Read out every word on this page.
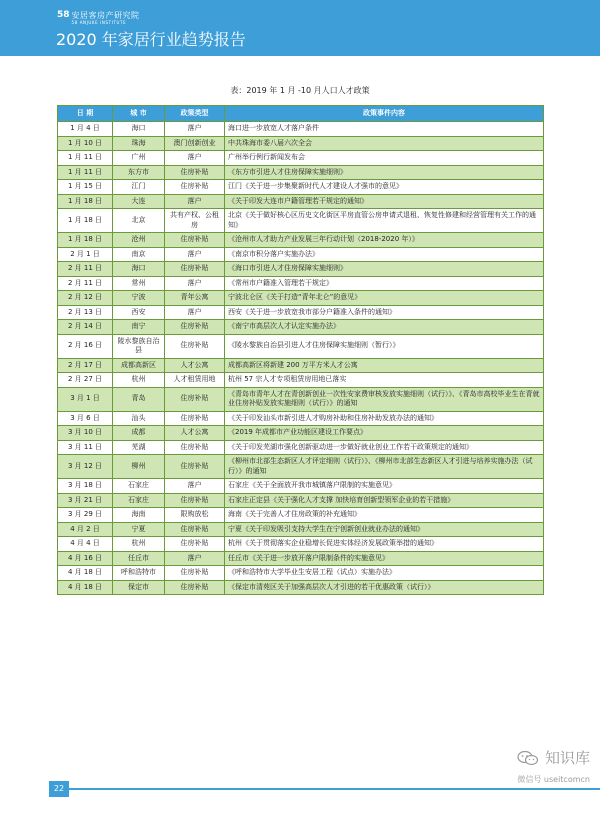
58 安居客房产研究院
58 ANJUKE INSTITUTE
2020 年家居行业趋势报告
表：2019 年 1 月 -10 月人口人才政策
日 期	城 市	政策类型	政策事件内容
1 月 4 日	海口	落户	海口进一步放宽人才落户条件
1 月 10 日	珠海	澳门创新创业	中共珠海市委八届六次全会
1 月 11 日	广州	落户	广州举行例行新闻发布会
1 月 11 日	东方市	住房补贴	《东方市引进人才住房保障实施细则》
1 月 15 日	江门	住房补贴	江门《关于进一步集聚新时代人才建设人才强市的意见》
1 月 18 日	大连	落户	《关于印发大连市户籍管理若干规定的通知》
1 月 18 日	北京	共有产权、公租房	北京《关于做好核心区历史文化街区平房直管公房申请式退租、恢复性修建和经营管理有关工作的通知》
1 月 18 日	沧州	住房补贴	《沧州市人才助力产业发展三年行动计划（2018-2020 年）》
2 月 1 日	南京	落户	《南京市积分落户实施办法》
2 月 11 日	海口	住房补贴	《海口市引进人才住房保障实施细则》
2 月 11 日	常州	落户	《常州市户籍准入管理若干规定》
2 月 12 日	宁波	青年公寓	宁波北仑区《关于打造“青年北仑”的意见》
2 月 13 日	西安	落户	西安《关于进一步放宽我市部分户籍准入条件的通知》
2 月 14 日	南宁	住房补贴	《南宁市高层次人才认定实施办法》
2 月 16 日	陵水黎族自治县	住房补贴	《陵水黎族自治县引进人才住房保障实施细则（暂行）》
2 月 17 日	成都高新区	人才公寓	成都高新区将新建 200 万平方米人才公寓
2 月 27 日	杭州	人才租赁用地	杭州 57 宗人才专项租赁房用地已落实
3 月 1 日	青岛	住房补贴	《青岛市青年人才在青创新创业一次性安家费审核发放实施细则（试行）》、《青岛市高校毕业生在青就业住房补贴发放实施细则（试行）》的通知
3 月 6 日	汕头	住房补贴	《关于印发汕头市新引进人才购房补助和住房补助发放办法的通知》
3 月 10 日	成都	人才公寓	《2019 年成都市产业功能区建设工作要点》
3 月 11 日	芜湖	住房补贴	《关于印发芜湖市强化创新驱动进一步做好就业创业工作若干政策规定的通知》
3 月 12 日	柳州	住房补贴	《柳州市北部生态新区人才评定细则（试行）》、《柳州市北部生态新区人才引进与培养实施办法（试行）》的通知
3 月 18 日	石家庄	落户	石家庄《关于全面放开我市城镇落户限制的实施意见》
3 月 21 日	石家庄	住房补贴	石家庄正定县《关于强化人才支撑 加快培育创新型领军企业的若干措施》
3 月 29 日	海南	限购放松	海南《关于完善人才住房政策的补充通知》
4 月 2 日	宁夏	住房补贴	宁夏《关于印发吸引支持大学生在宁创新创业就业办法的通知》
4 月 4 日	杭州	住房补贴	杭州《关于贯彻落实企业稳增长促进实体经济发展政策举措的通知》
4 月 16 日	任丘市	落户	任丘市《关于进一步放开落户限制条件的实施意见》
4 月 18 日	呼和浩特市	住房补贴	《呼和浩特市大学毕业生安居工程（试点）实施办法》
4 月 18 日	保定市	住房补贴	《保定市清苑区关于加强高层次人才引进的若干优惠政策（试行）》
22
知识库
微信号 useitcomcn
